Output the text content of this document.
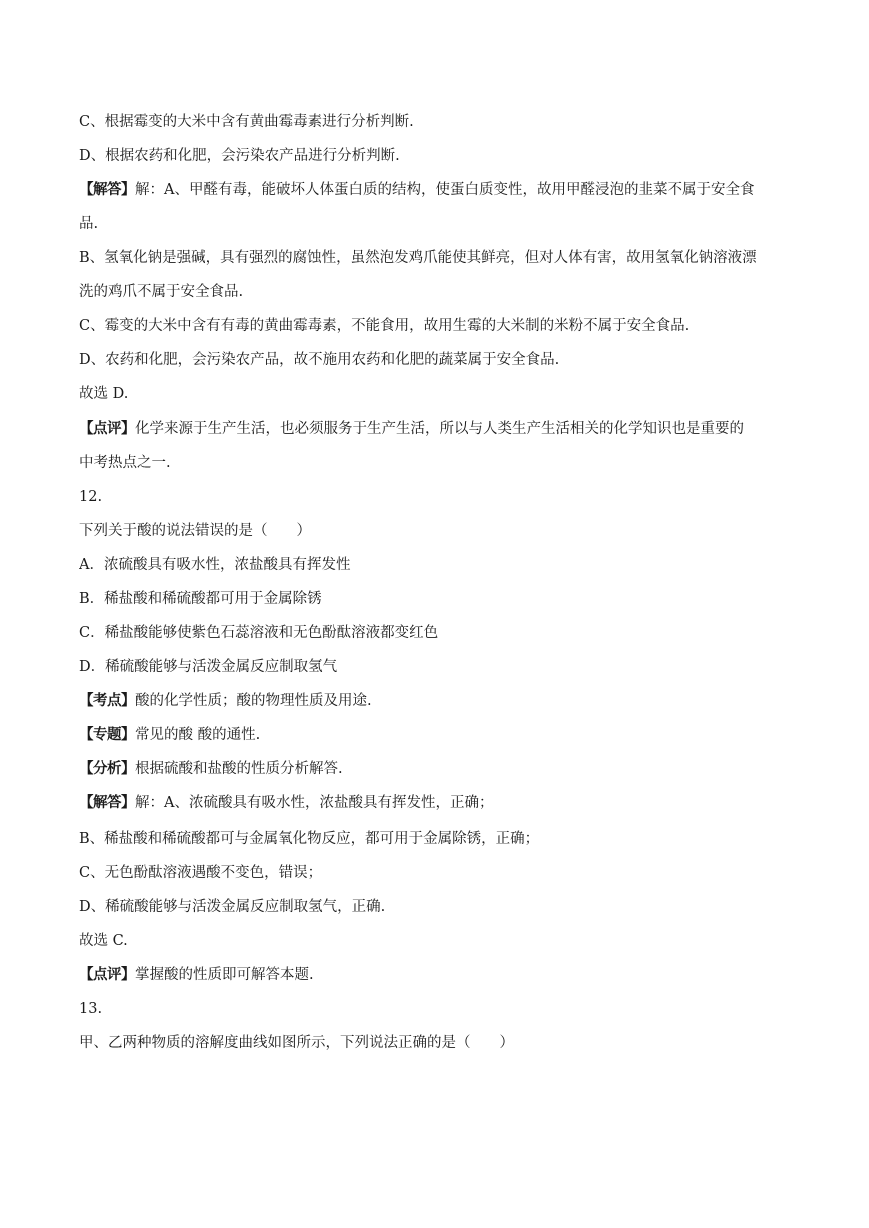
C、根据霉变的大米中含有黄曲霉毒素进行分析判断.
D、根据农药和化肥，会污染农产品进行分析判断.
【解答】解：A、甲醛有毒，能破坏人体蛋白质的结构，使蛋白质变性，故用甲醛浸泡的韭菜不属于安全食
品.
B、氢氧化钠是强碱，具有强烈的腐蚀性，虽然泡发鸡爪能使其鲜亮，但对人体有害，故用氢氧化钠溶液漂
洗的鸡爪不属于安全食品.
C、霉变的大米中含有有毒的黄曲霉毒素，不能食用，故用生霉的大米制的米粉不属于安全食品.
D、农药和化肥，会污染农产品，故不施用农药和化肥的蔬菜属于安全食品.
故选 D.
【点评】化学来源于生产生活，也必须服务于生产生活，所以与人类生产生活相关的化学知识也是重要的
中考热点之一.
12.
下列关于酸的说法错误的是（　　）
A．浓硫酸具有吸水性，浓盐酸具有挥发性
B．稀盐酸和稀硫酸都可用于金属除锈
C．稀盐酸能够使紫色石蕊溶液和无色酚酞溶液都变红色
D．稀硫酸能够与活泼金属反应制取氢气
【考点】酸的化学性质；酸的物理性质及用途.
【专题】常见的酸 酸的通性.
【分析】根据硫酸和盐酸的性质分析解答.
【解答】解：A、浓硫酸具有吸水性，浓盐酸具有挥发性，正确；
B、稀盐酸和稀硫酸都可与金属氧化物反应，都可用于金属除锈，正确；
C、无色酚酞溶液遇酸不变色，错误；
D、稀硫酸能够与活泼金属反应制取氢气，正确.
故选 C.
【点评】掌握酸的性质即可解答本题.
13.
甲、乙两种物质的溶解度曲线如图所示，下列说法正确的是（　　）
